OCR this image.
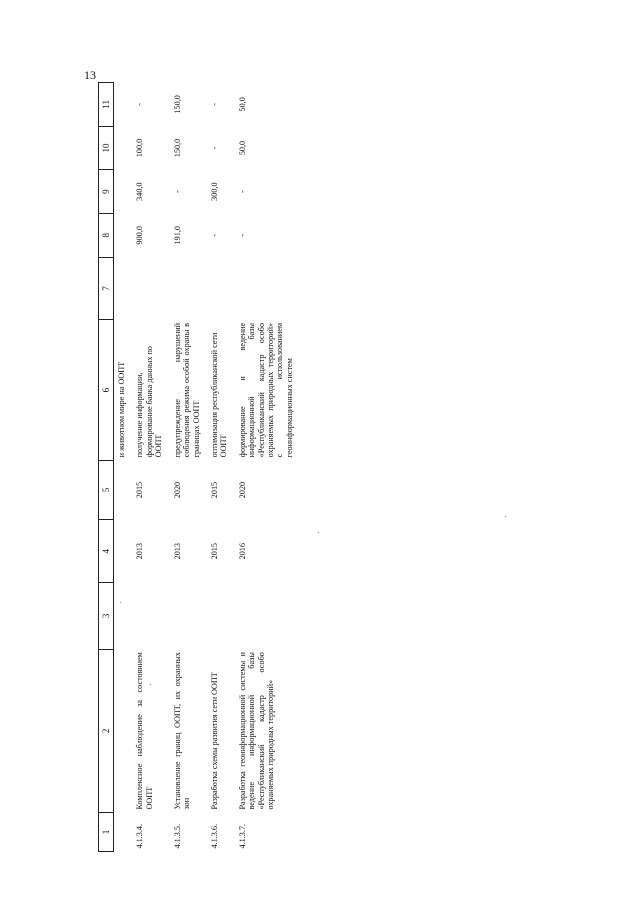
13
1	2	3	4	5	6	7	8	9	10	11
					и животном мире на ООПТ					
4.1.3.4.	Комплексное наблюдение за состоянием ООПТ		2013	2015	получение информации, формирование банка данных по ООПТ		900,0	340,0	100,0	-
4.1.3.5.	Установление границ ООПТ, их охранных зон		2013	2020	предупреждение нарушений соблюдения режима особой охраны в границах ООПТ		191,0	-	150,0	150,0
4.1.3.6.	Разработка схемы развития сети ООПТ		2015	2015	оптимизация республиканской сети ООПТ		-	300,0	-	-
4.1.3.7.	Разработка геоинформационной системы и ведение информационной базы «Республиканский кадастр особо охраняемых природных территорий»		2016	2020	формирование и ведение информационной базы «Республиканский кадастр особо охраняемых природных территорий» с использованием геоинформационных систем		-	-	50,0	50,0
